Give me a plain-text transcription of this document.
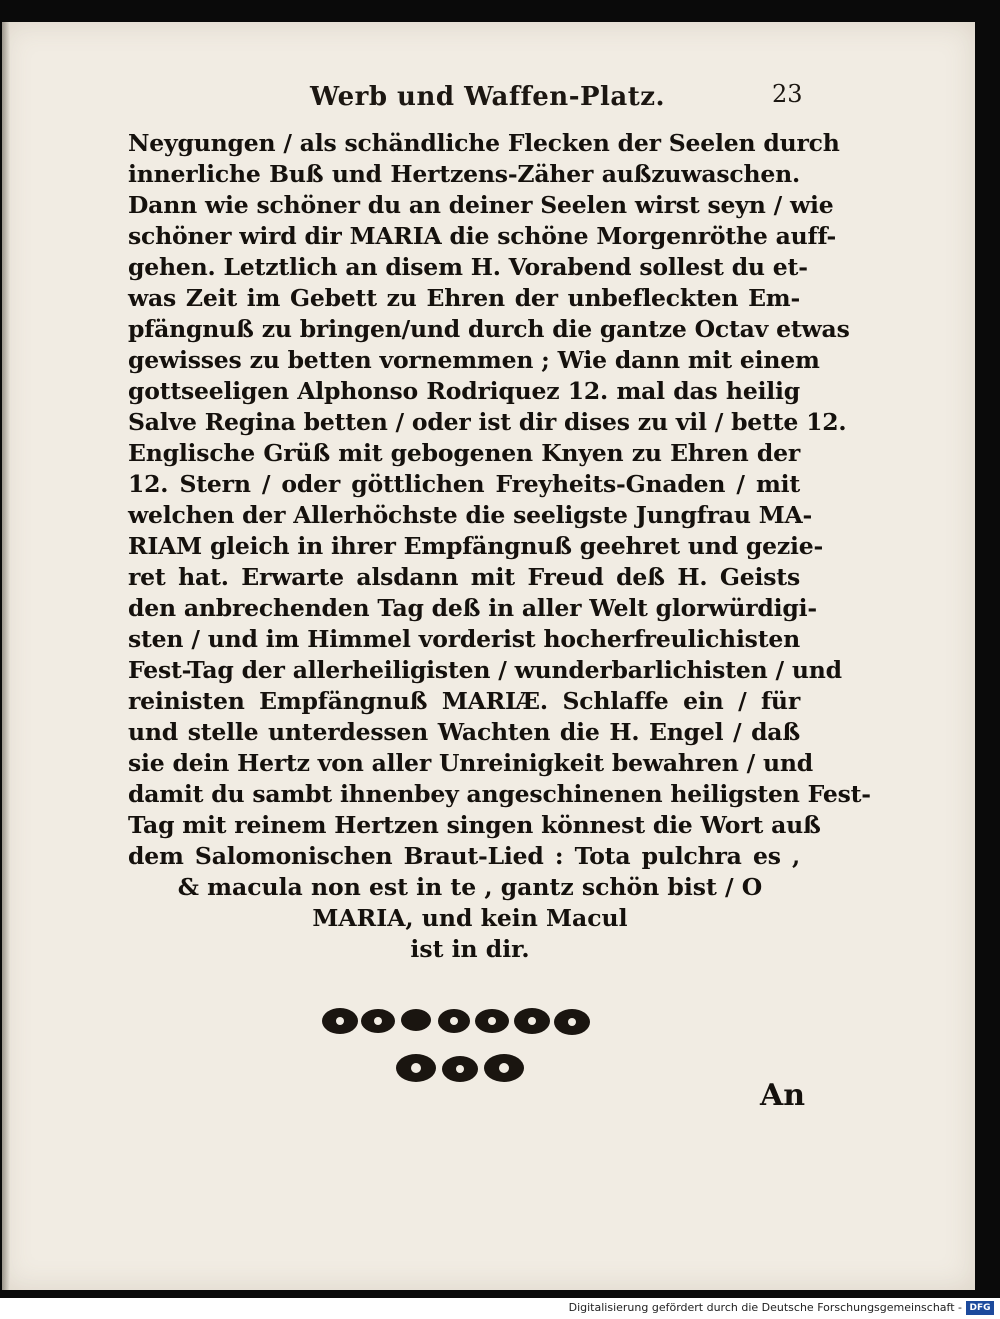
Werb und Waffen-Platz.	23
Neygungen / als schändliche Flecken der Seelen durch
innerliche Buß und Hertzens-Zäher außzuwaschen.
Dann wie schöner du an deiner Seelen wirst seyn / wie
schöner wird dir MARIA die schöne Morgenröthe auff-
gehen. Letztlich an disem H. Vorabend sollest du et-
was Zeit im Gebett zu Ehren der unbefleckten Em-
pfängnuß zu bringen/und durch die gantze Octav etwas
gewisses zu betten vornemmen ; Wie dann mit einem
gottseeligen Alphonso Rodriquez 12. mal das heilig
Salve Regina betten / oder ist dir dises zu vil / bette 12.
Englische Grüß mit gebogenen Knyen zu Ehren der
12. Stern / oder göttlichen Freyheits-Gnaden / mit
welchen der Allerhöchste die seeligste Jungfrau MA-
RIAM gleich in ihrer Empfängnuß geehret und gezie-
ret hat. Erwarte alsdann mit Freud deß H. Geists
den anbrechenden Tag deß in aller Welt glorwürdigi-
sten / und im Himmel vorderist hocherfreulichisten
Fest-Tag der allerheiligisten / wunderbarlichisten / und
reinisten Empfängnuß MARIÆ. Schlaffe ein / für
und stelle unterdessen Wachten die H. Engel / daß
sie dein Hertz von aller Unreinigkeit bewahren / und
damit du sambt ihnenbey angeschinenen heiligsten Fest-
Tag mit reinem Hertzen singen könnest die Wort auß
dem Salomonischen Braut-Lied : Tota pulchra es ,
& macula non est in te , gantz schön bist / O
MARIA, und kein Macul
ist in dir.
An
Digitalisierung gefördert durch die Deutsche Forschungsgemeinschaft - DFG
